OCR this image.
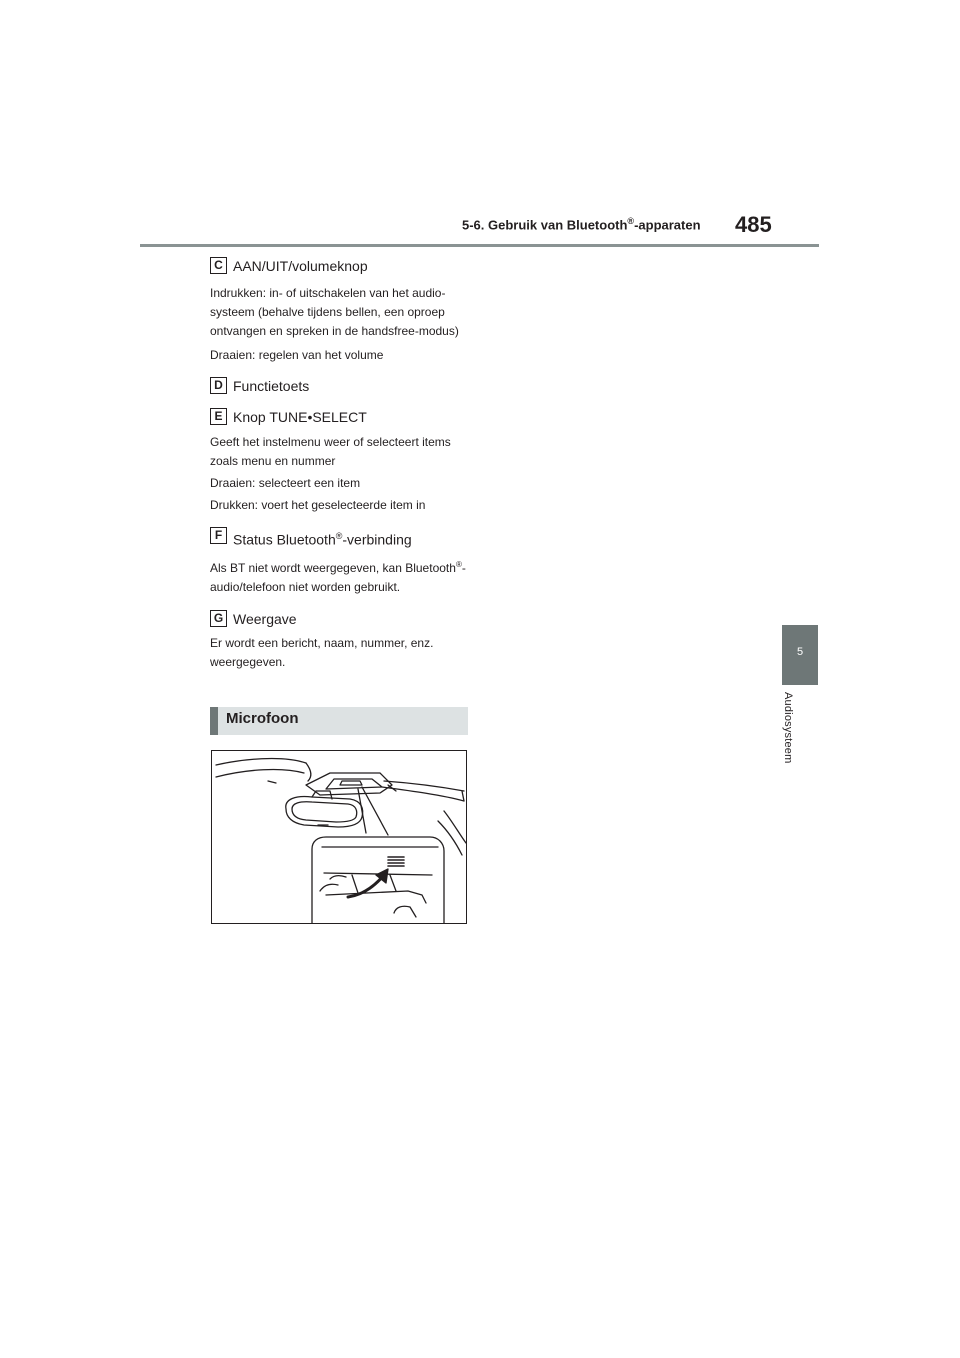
5-6. Gebruik van Bluetooth®-apparaten 485
5
Audiosysteem
C AAN/UIT/volumeknop

Indrukken: in- of uitschakelen van het audio-systeem (behalve tijdens bellen, een oproep ontvangen en spreken in de handsfree-modus)

Draaien: regelen van het volume

D Functietoets
E Knop TUNE•SELECT

Geeft het instelmenu weer of selecteert items zoals menu en nummer

Draaien: selecteert een item

Drukken: voert het geselecteerde item in

F Status Bluetooth®-verbinding

Als BT niet wordt weergegeven, kan Bluetooth®-audio/telefoon niet worden gebruikt.

G Weergave

Er wordt een bericht, naam, nummer, enz. weergegeven.

Microfoon
